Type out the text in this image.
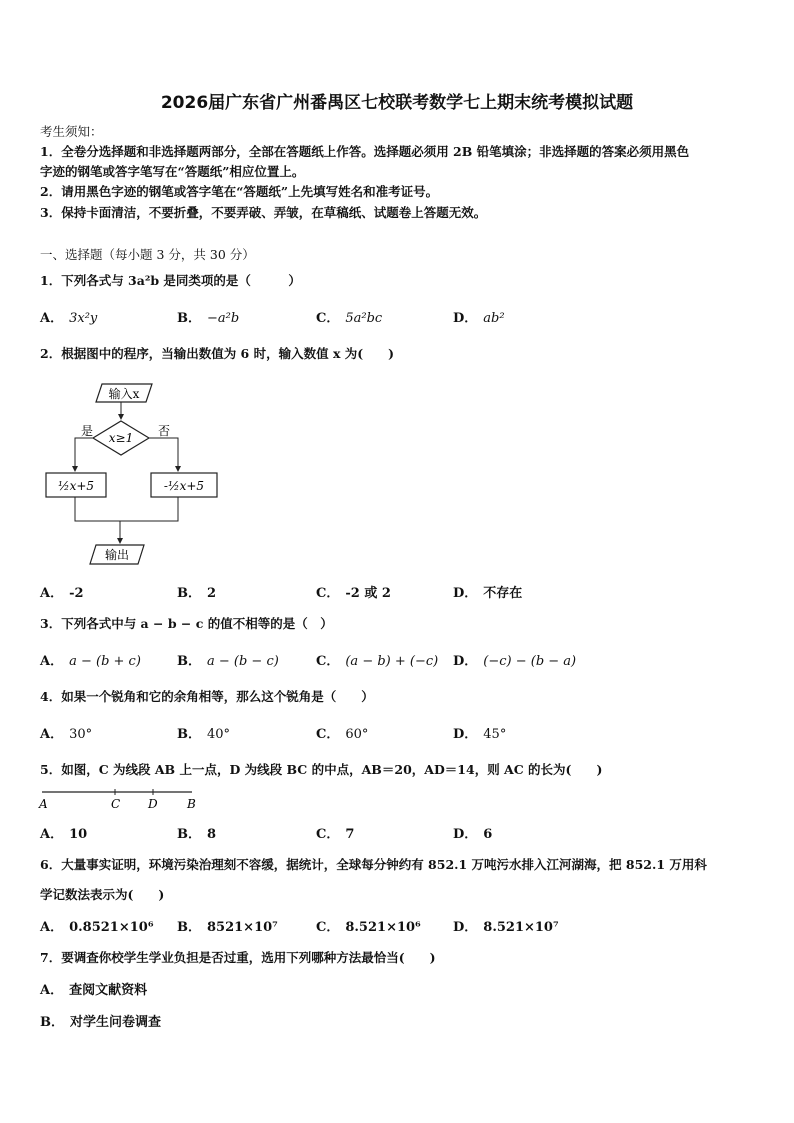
2026届广东省广州番禺区七校联考数学七上期末统考模拟试题
考生须知：
1．全卷分选择题和非选择题两部分，全部在答题纸上作答。选择题必须用 2B 铅笔填涂；非选择题的答案必须用黑色
字迹的钢笔或答字笔写在“答题纸”相应位置上。
2．请用黑色字迹的钢笔或答字笔在“答题纸”上先填写姓名和准考证号。
3．保持卡面清洁，不要折叠，不要弄破、弄皱，在草稿纸、试题卷上答题无效。
一、选择题（每小题 3 分，共 30 分）
1．下列各式与 3a²b 是同类项的是（　　　）
A． 3x²y	B． −a²b	C． 5a²bc	D． ab²
2．根据图中的程序，当输出数值为 6 时，输入数值 x 为(　　)
输入x
x≥1
是	否
½x+5	-½x+5
输出
A． -2	B． 2	C． -2 或 2	D． 不存在
3．下列各式中与 a − b − c 的值不相等的是（　）
A． a − (b + c)	B． a − (b − c)	C． (a − b) + (−c) D． (−c) − (b − a)
4．如果一个锐角和它的余角相等，那么这个锐角是（　　）
A． 30°	B． 40°	C． 60°	D． 45°
5．如图，C 为线段 AB 上一点，D 为线段 BC 的中点，AB＝20，AD＝14，则 AC 的长为(　　)
A	C D B
A． 10	B． 8	C． 7	D． 6
6．大量事实证明，环境污染治理刻不容缓，据统计，全球每分钟约有 852.1 万吨污水排入江河湖海，把 852.1 万用科
学记数法表示为(　　)
A． 0.8521×10⁶ B． 8521×10⁷	C． 8.521×10⁶ D． 8.521×10⁷
7．要调查你校学生学业负担是否过重，选用下列哪种方法最恰当(　　)
A． 查阅文献资料
B． 对学生问卷调查
